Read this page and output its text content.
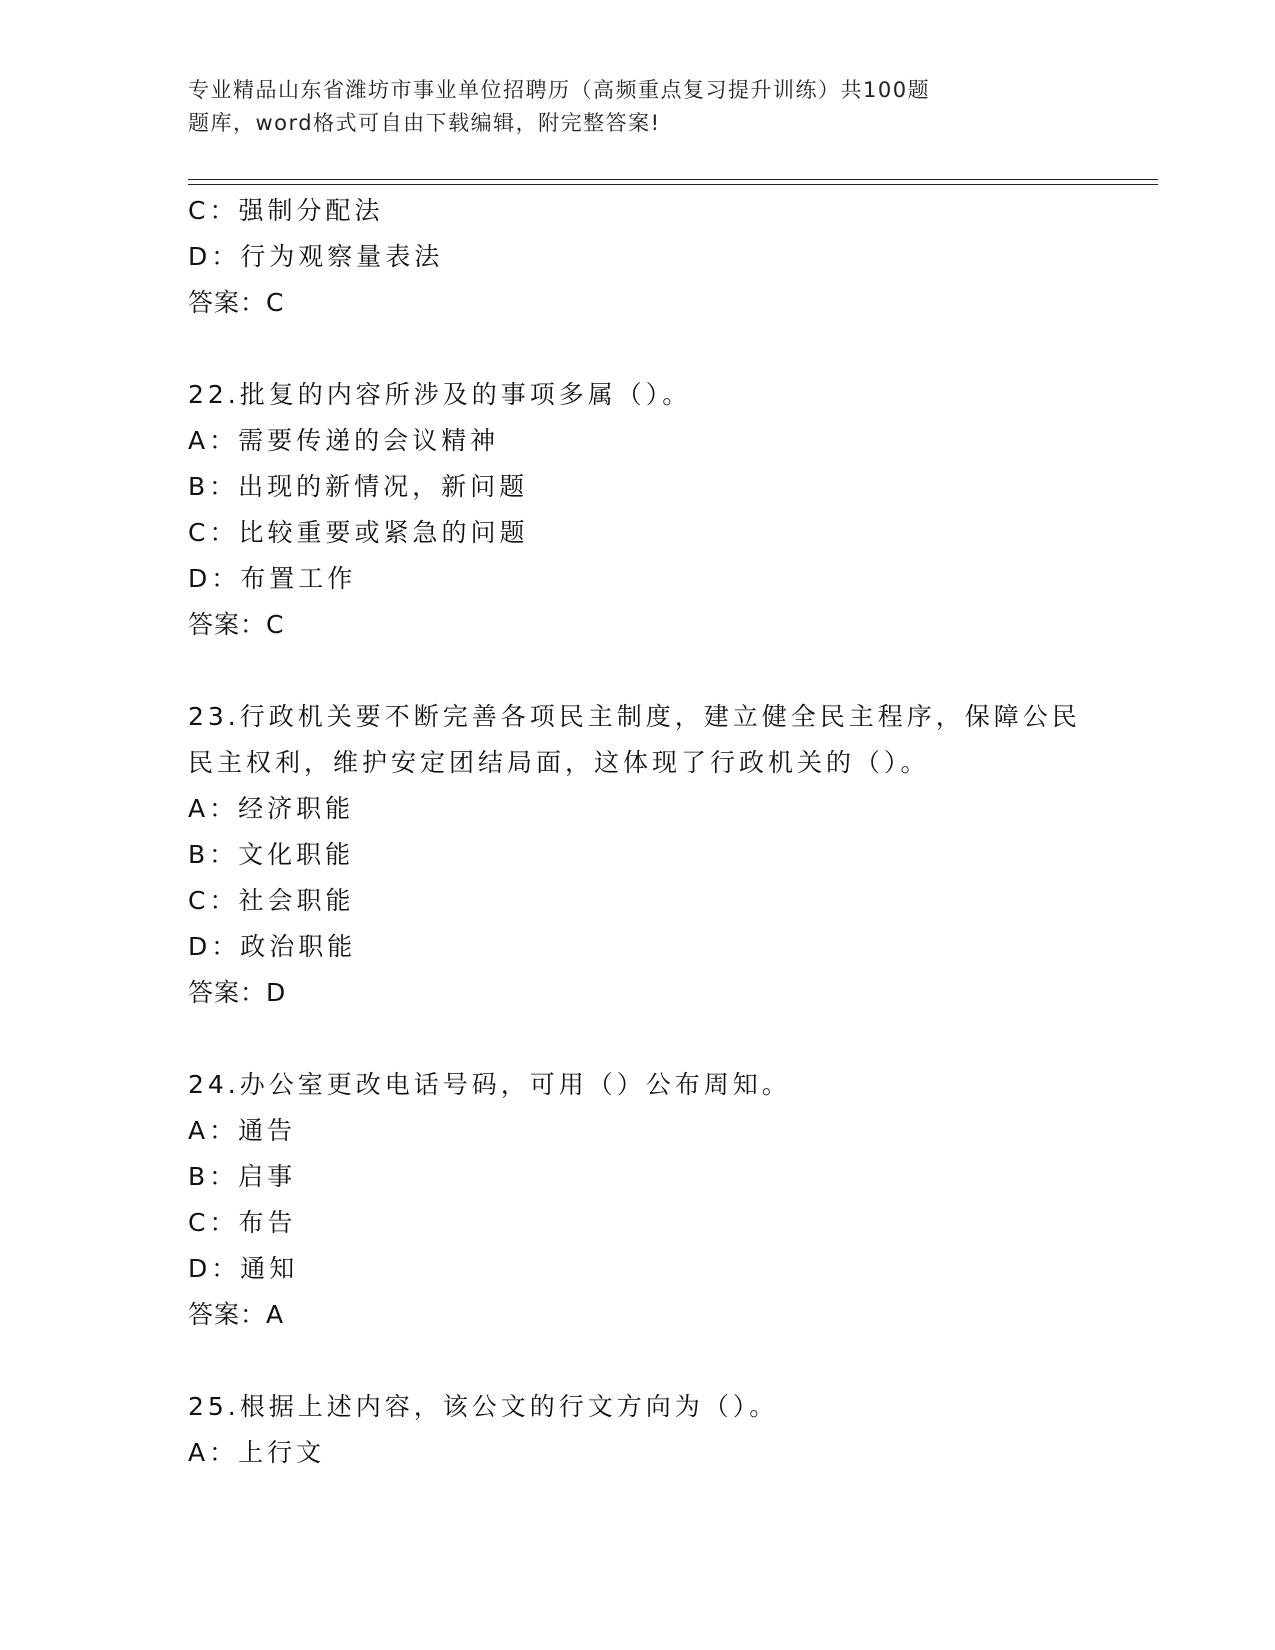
专业精品山东省潍坊市事业单位招聘历（高频重点复习提升训练）共100题
题库，word格式可自由下载编辑，附完整答案!
C：强制分配法
D：行为观察量表法
答案：C
22.批复的内容所涉及的事项多属（）。
A：需要传递的会议精神
B：出现的新情况，新问题
C：比较重要或紧急的问题
D：布置工作
答案：C
23.行政机关要不断完善各项民主制度，建立健全民主程序，保障公民
民主权利，维护安定团结局面，这体现了行政机关的（）。
A：经济职能
B：文化职能
C：社会职能
D：政治职能
答案：D
24.办公室更改电话号码，可用（）公布周知。
A：通告
B：启事
C：布告
D：通知
答案：A
25.根据上述内容，该公文的行文方向为（）。
A：上行文
